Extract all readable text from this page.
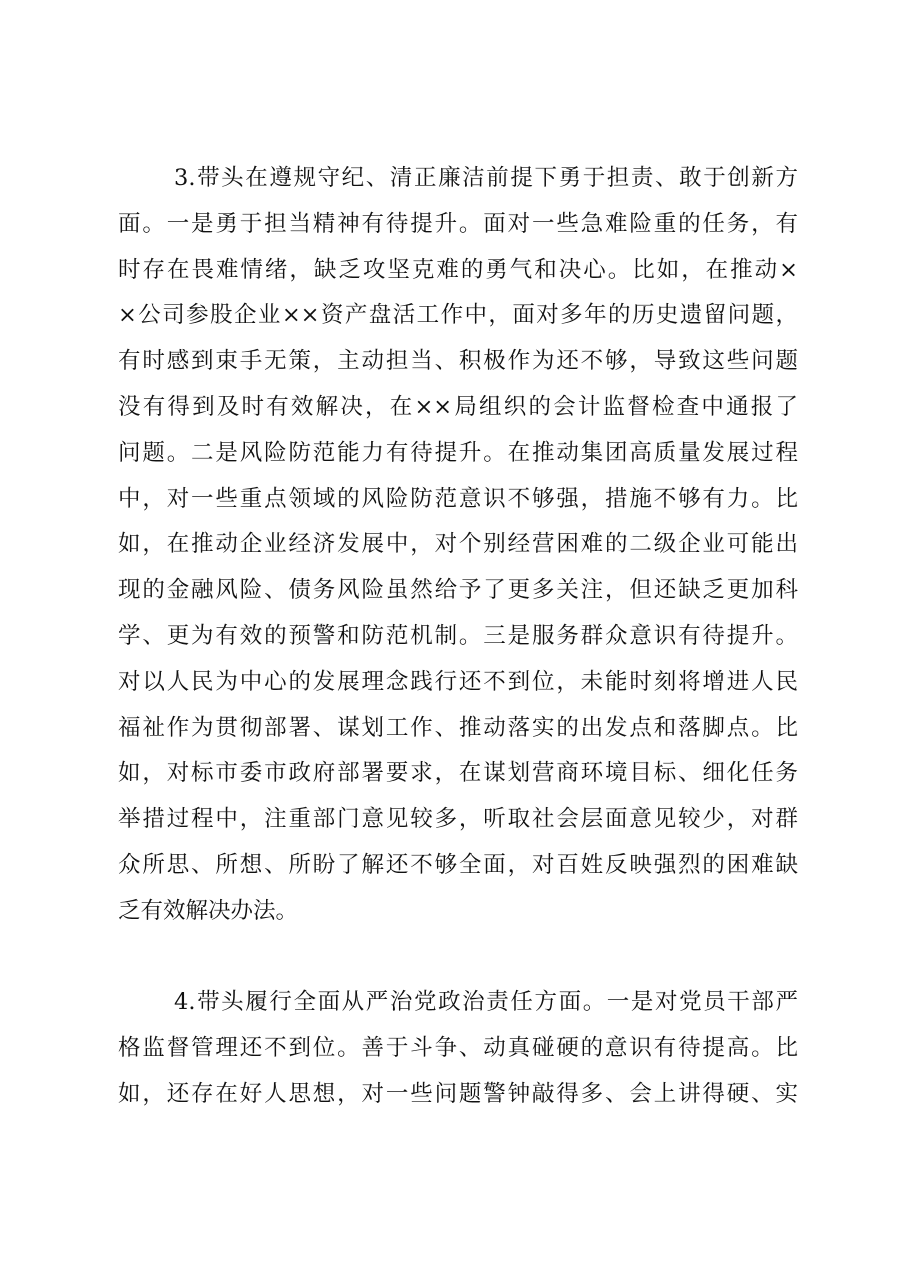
3.带头在遵规守纪、清正廉洁前提下勇于担责、敢于创新方
面。一是勇于担当精神有待提升。面对一些急难险重的任务，有
时存在畏难情绪，缺乏攻坚克难的勇气和决心。比如，在推动×
×公司参股企业××资产盘活工作中，面对多年的历史遗留问题，
有时感到束手无策，主动担当、积极作为还不够，导致这些问题
没有得到及时有效解决，在××局组织的会计监督检查中通报了
问题。二是风险防范能力有待提升。在推动集团高质量发展过程
中，对一些重点领域的风险防范意识不够强，措施不够有力。比
如，在推动企业经济发展中，对个别经营困难的二级企业可能出
现的金融风险、债务风险虽然给予了更多关注，但还缺乏更加科
学、更为有效的预警和防范机制。三是服务群众意识有待提升。
对以人民为中心的发展理念践行还不到位，未能时刻将增进人民
福祉作为贯彻部署、谋划工作、推动落实的出发点和落脚点。比
如，对标市委市政府部署要求，在谋划营商环境目标、细化任务
举措过程中，注重部门意见较多，听取社会层面意见较少，对群
众所思、所想、所盼了解还不够全面，对百姓反映强烈的困难缺
乏有效解决办法。
4.带头履行全面从严治党政治责任方面。一是对党员干部严
格监督管理还不到位。善于斗争、动真碰硬的意识有待提高。比
如，还存在好人思想，对一些问题警钟敲得多、会上讲得硬、实
